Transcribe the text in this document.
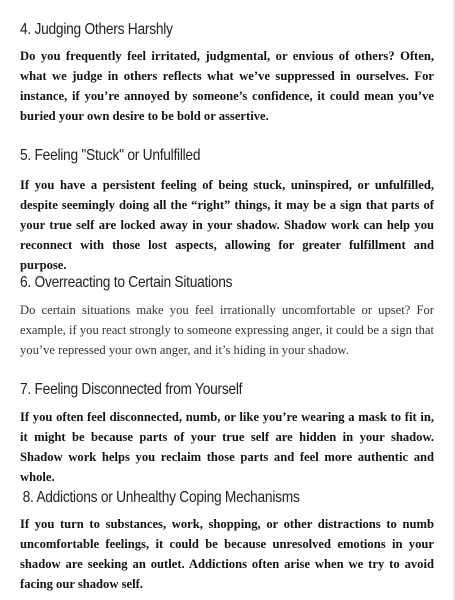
4. Judging Others Harshly

Do you frequently feel irritated, judgmental, or envious of others? Often, what we judge in others reflects what we’ve suppressed in ourselves. For instance, if you’re annoyed by someone’s confidence, it could mean you’ve buried your own desire to be bold or assertive.

5. Feeling "Stuck" or Unfulfilled

If you have a persistent feeling of being stuck, uninspired, or unfulfilled, despite seemingly doing all the “right” things, it may be a sign that parts of your true self are locked away in your shadow. Shadow work can help you reconnect with those lost aspects, allowing for greater fulfillment and purpose.

6. Overreacting to Certain Situations

Do certain situations make you feel irrationally uncomfortable or upset? For example, if you react strongly to someone expressing anger, it could be a sign that you’ve repressed your own anger, and it’s hiding in your shadow.

7. Feeling Disconnected from Yourself

If you often feel disconnected, numb, or like you’re wearing a mask to fit in, it might be because parts of your true self are hidden in your shadow. Shadow work helps you reclaim those parts and feel more authentic and whole.

8. Addictions or Unhealthy Coping Mechanisms

If you turn to substances, work, shopping, or other distractions to numb uncomfortable feelings, it could be because unresolved emotions in your shadow are seeking an outlet. Addictions often arise when we try to avoid facing our shadow self.
